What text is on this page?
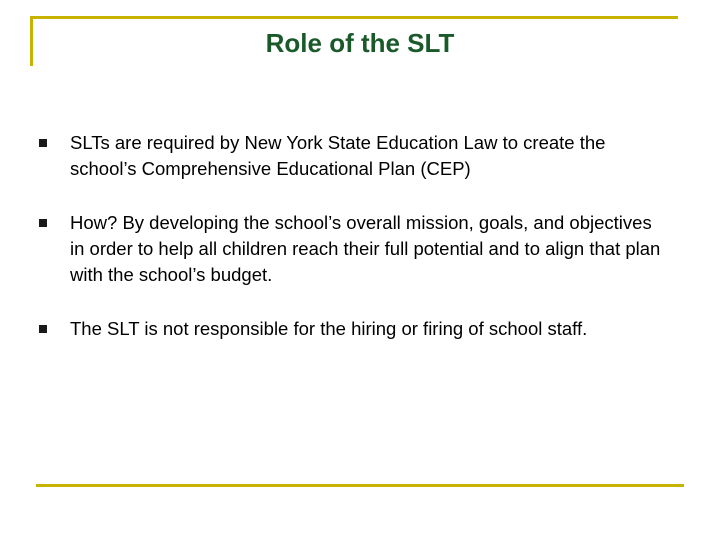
Role of the SLT
SLTs are required by New York State Education Law to create the school’s Comprehensive Educational Plan (CEP)
How? By developing the school’s overall mission, goals, and objectives in order to help all children reach their full potential and to align that plan with the school’s budget.
The SLT is not responsible for the hiring or firing of school staff.
